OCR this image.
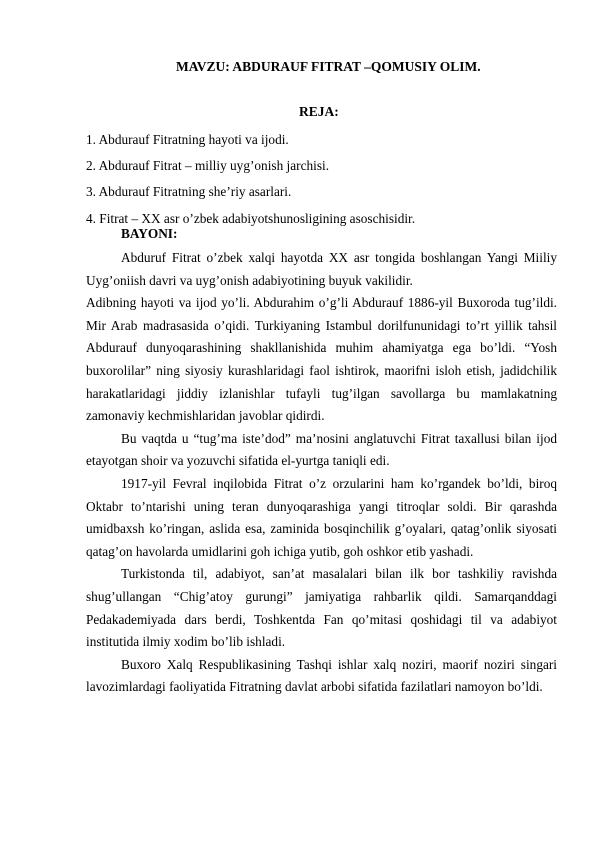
MAVZU: ABDURAUF FITRAT –QOMUSIY OLIM.
REJA:
1. Abdurauf Fitratning hayoti va ijodi.
2. Abdurauf Fitrat – milliy uyg’onish jarchisi.
3. Abdurauf Fitratning she’riy asarlari.
4. Fitrat – XX asr o’zbek adabiyotshunosligining asoschisidir.
BAYONI:

Abduruf Fitrat o’zbek xalqi hayotda XX asr tongida boshlangan Yangi Miiliy Uyg’oniish davri va uyg’onish adabiyotining buyuk vakilidir.

Adibning hayoti va ijod yo’li. Abdurahim o’g’li Abdurauf 1886-yil Buxoroda tug’ildi. Mir Arab madrasasida o’qidi. Turkiyaning Istambul dorilfununidagi to’rt yillik tahsil Abdurauf dunyoqarashining shakllanishida muhim ahamiyatga ega bo’ldi. “Yosh buxorolilar” ning siyosiy kurashlaridagi faol ishtirok, maorifni isloh etish, jadidchilik harakatlaridagi jiddiy izlanishlar tufayli tug’ilgan savollarga bu mamlakatning zamonaviy kechmishlaridan javoblar qidirdi.

Bu vaqtda u “tug’ma iste’dod” ma’nosini anglatuvchi Fitrat taxallusi bilan ijod etayotgan shoir va yozuvchi sifatida el-yurtga taniqli edi.

1917-yil Fevral inqilobida Fitrat o’z orzularini ham ko’rgandek bo’ldi, biroq Oktabr to’ntarishi uning teran dunyoqarashiga yangi titroqlar soldi. Bir qarashda umidbaxsh ko’ringan, aslida esa, zaminida bosqinchilik g’oyalari, qatag’onlik siyosati qatag’on havolarda umidlarini goh ichiga yutib, goh oshkor etib yashadi.

Turkistonda til, adabiyot, san’at masalalari bilan ilk bor tashkiliy ravishda shug’ullangan “Chig’atoy gurungi” jamiyatiga rahbarlik qildi. Samarqanddagi Pedakademiyada dars berdi, Toshkentda Fan qo’mitasi qoshidagi til va adabiyot institutida ilmiy xodim bo’lib ishladi.

Buxoro Xalq Respublikasining Tashqi ishlar xalq noziri, maorif noziri singari lavozimlardagi faoliyatida Fitratning davlat arbobi sifatida fazilatlari namoyon bo’ldi.
